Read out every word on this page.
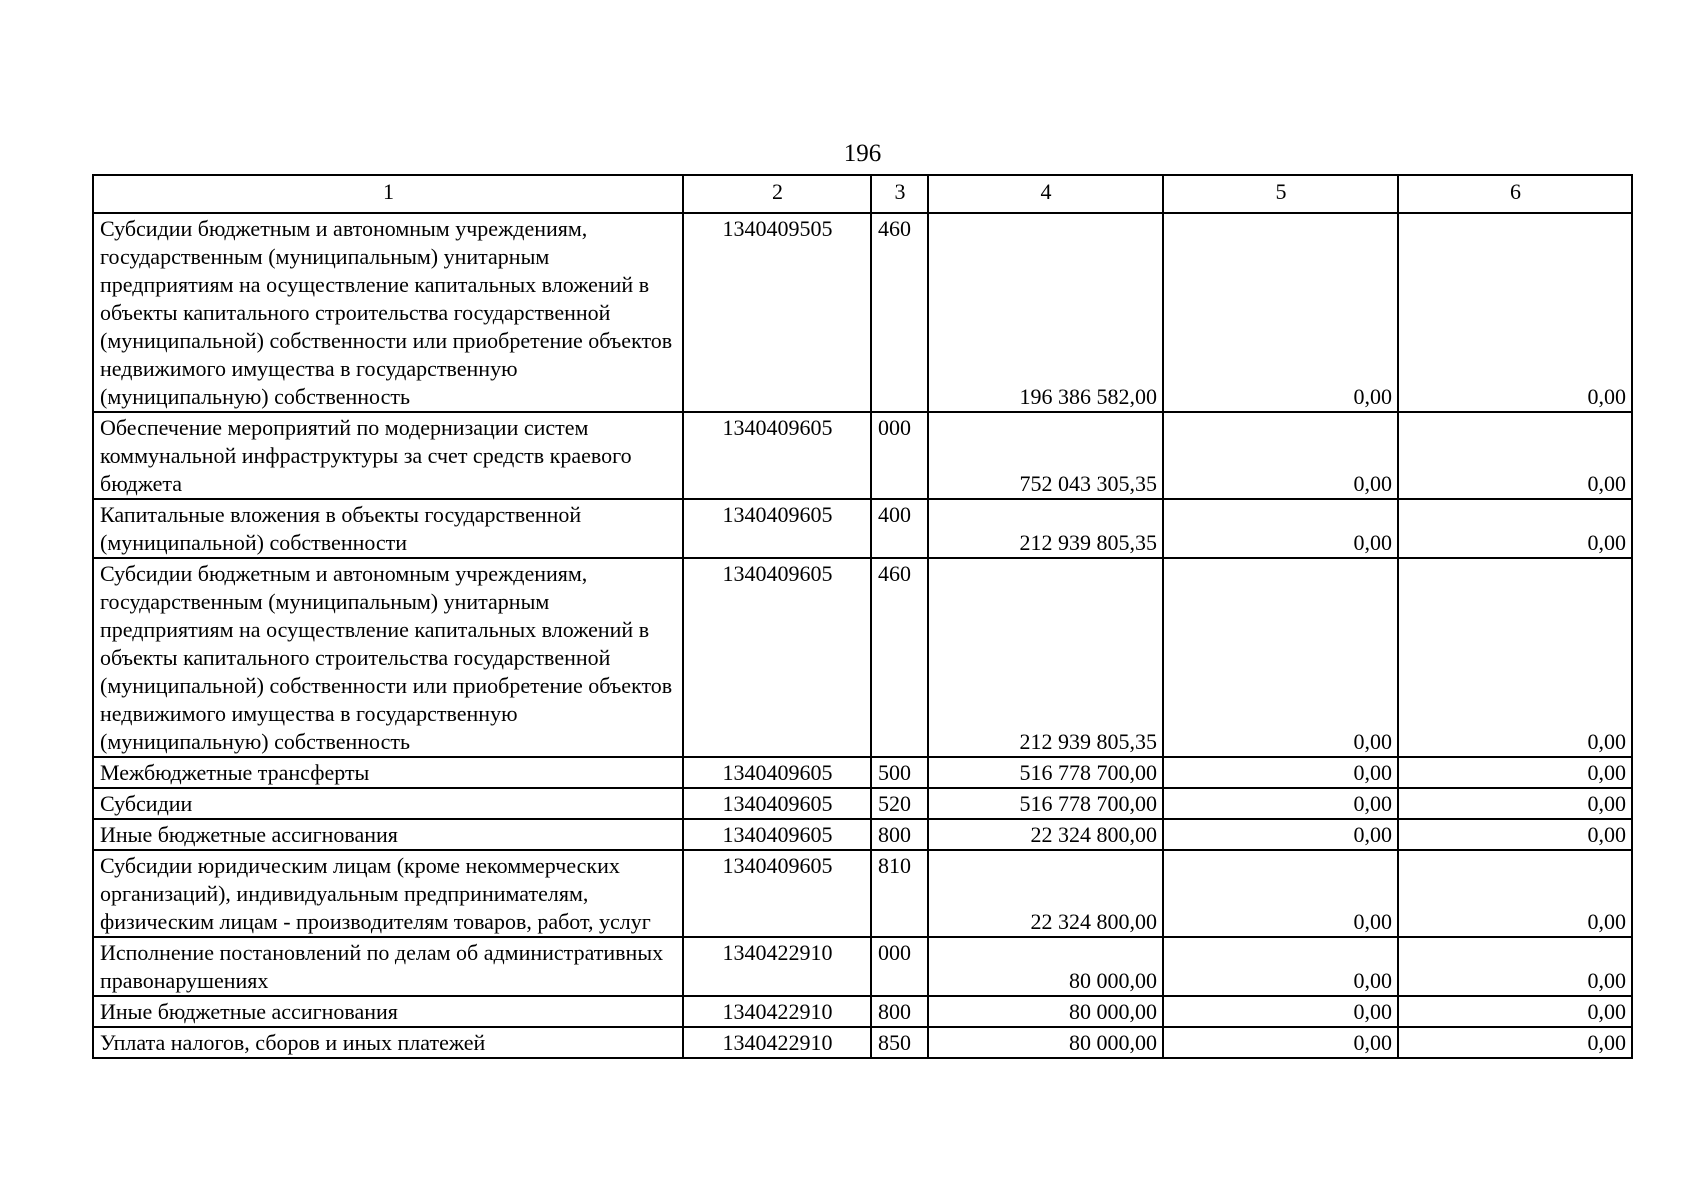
196
1	2	3	4	5	6
Субсидии бюджетным и автономным учреждениям, государственным (муниципальным) унитарным предприятиям на осуществление капитальных вложений в объекты капитального строительства государственной (муниципальной) собственности или приобретение объектов недвижимого имущества в государственную (муниципальную) собственность	1340409505	460	196 386 582,00	0,00	0,00
Обеспечение мероприятий по модернизации систем коммунальной инфраструктуры за счет средств краевого бюджета	1340409605	000	752 043 305,35	0,00	0,00
Капитальные вложения в объекты государственной (муниципальной) собственности	1340409605	400	212 939 805,35	0,00	0,00
Субсидии бюджетным и автономным учреждениям, государственным (муниципальным) унитарным предприятиям на осуществление капитальных вложений в объекты капитального строительства государственной (муниципальной) собственности или приобретение объектов недвижимого имущества в государственную (муниципальную) собственность	1340409605	460	212 939 805,35	0,00	0,00
Межбюджетные трансферты	1340409605	500	516 778 700,00	0,00	0,00
Субсидии	1340409605	520	516 778 700,00	0,00	0,00
Иные бюджетные ассигнования	1340409605	800	22 324 800,00	0,00	0,00
Субсидии юридическим лицам (кроме некоммерческих организаций), индивидуальным предпринимателям, физическим лицам - производителям товаров, работ, услуг	1340409605	810	22 324 800,00	0,00	0,00
Исполнение постановлений по делам об административных правонарушениях	1340422910	000	80 000,00	0,00	0,00
Иные бюджетные ассигнования	1340422910	800	80 000,00	0,00	0,00
Уплата налогов, сборов и иных платежей	1340422910	850	80 000,00	0,00	0,00
